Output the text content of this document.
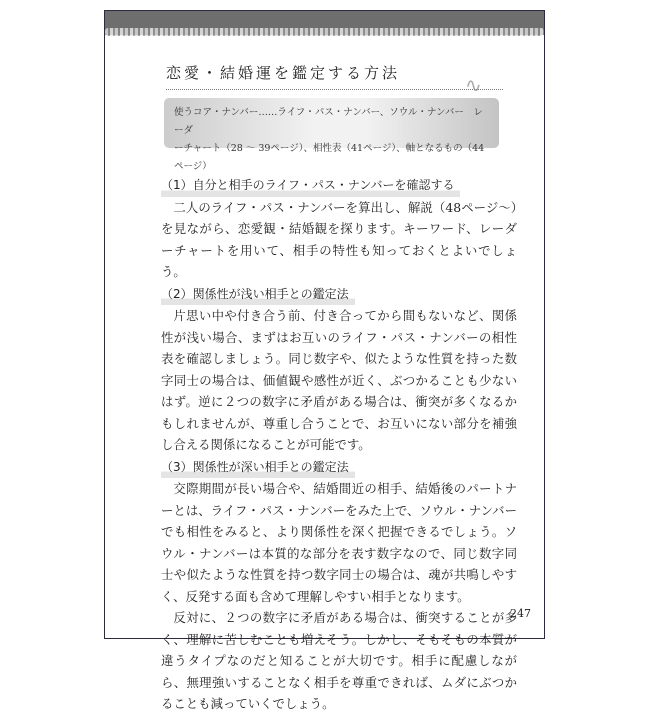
恋愛・結婚運を鑑定する方法	∿
使うコア・ナンバー……ライフ・パス・ナンバー、ソウル・ナンバー　レーダ
ーチャート（28 ～ 39ページ）、相性表（41ページ）、軸となるもの（44ページ）
（1）自分と相手のライフ・パス・ナンバーを確認する
二人のライフ・パス・ナンバーを算出し、解説（48ページ～）を見ながら、恋愛観・結婚観を探ります。キーワード、レーダーチャートを用いて、相手の特性も知っておくとよいでしょう。
（2）関係性が浅い相手との鑑定法
片思い中や付き合う前、付き合ってから間もないなど、関係性が浅い場合、まずはお互いのライフ・パス・ナンバーの相性表を確認しましょう。同じ数字や、似たような性質を持った数字同士の場合は、価値観や感性が近く、ぶつかることも少ないはず。逆に２つの数字に矛盾がある場合は、衝突が多くなるかもしれませんが、尊重し合うことで、お互いにない部分を補強し合える関係になることが可能です。
（3）関係性が深い相手との鑑定法
交際期間が長い場合や、結婚間近の相手、結婚後のパートナーとは、ライフ・パス・ナンバーをみた上で、ソウル・ナンバーでも相性をみると、より関係性を深く把握できるでしょう。ソウル・ナンバーは本質的な部分を表す数字なので、同じ数字同士や似たような性質を持つ数字同士の場合は、魂が共鳴しやすく、反発する面も含めて理解しやすい相手となります。
反対に、２つの数字に矛盾がある場合は、衝突することが多く、理解に苦しむことも増えそう。しかし、そもそもの本質が違うタイプなのだと知ることが大切です。相手に配慮しながら、無理強いすることなく相手を尊重できれば、ムダにぶつかることも減っていくでしょう。
247
